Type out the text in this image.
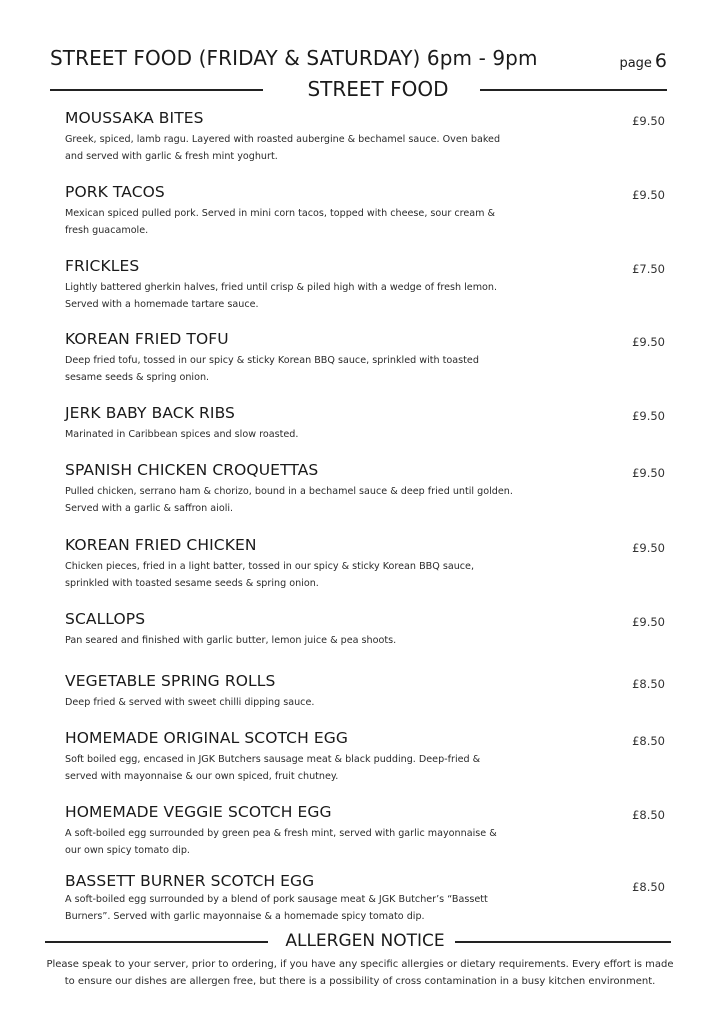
STREET FOOD (FRIDAY & SATURDAY) 6pm - 9pm	page 6
STREET FOOD
MOUSSAKA BITES
Greek, spiced, lamb ragu. Layered with roasted aubergine & bechamel sauce. Oven baked and served with garlic & fresh mint yoghurt.
£9.50
PORK TACOS
Mexican spiced pulled pork. Served in mini corn tacos, topped with cheese, sour cream & fresh guacamole.
£9.50
FRICKLES
Lightly battered gherkin halves, fried until crisp & piled high with a wedge of fresh lemon. Served with a homemade tartare sauce.
£7.50
KOREAN FRIED TOFU
Deep fried tofu, tossed in our spicy & sticky Korean BBQ sauce, sprinkled with toasted sesame seeds & spring onion.
£9.50
JERK BABY BACK RIBS
Marinated in Caribbean spices and slow roasted.
£9.50
SPANISH CHICKEN CROQUETTAS
Pulled chicken, serrano ham & chorizo, bound in a bechamel sauce & deep fried until golden. Served with a garlic & saffron aioli.
£9.50
KOREAN FRIED CHICKEN
Chicken pieces, fried in a light batter, tossed in our spicy & sticky Korean BBQ sauce, sprinkled with toasted sesame seeds & spring onion.
£9.50
SCALLOPS
Pan seared and finished with garlic butter, lemon juice & pea shoots.
£9.50
VEGETABLE SPRING ROLLS
Deep fried & served with sweet chilli dipping sauce.
£8.50
HOMEMADE ORIGINAL SCOTCH EGG
Soft boiled egg, encased in JGK Butchers sausage meat & black pudding. Deep-fried & served with mayonnaise & our own spiced, fruit chutney.
£8.50
HOMEMADE VEGGIE SCOTCH EGG
A soft-boiled egg surrounded by green pea & fresh mint, served with garlic mayonnaise & our own spicy tomato dip.
£8.50
BASSETT BURNER SCOTCH EGG
A soft-boiled egg surrounded by a blend of pork sausage meat & JGK Butcher’s “Bassett Burners”. Served with garlic mayonnaise & a homemade spicy tomato dip.
£8.50
ALLERGEN NOTICE
Please speak to your server, prior to ordering, if you have any specific allergies or dietary requirements. Every effort is made to ensure our dishes are allergen free, but there is a possibility of cross contamination in a busy kitchen environment.
